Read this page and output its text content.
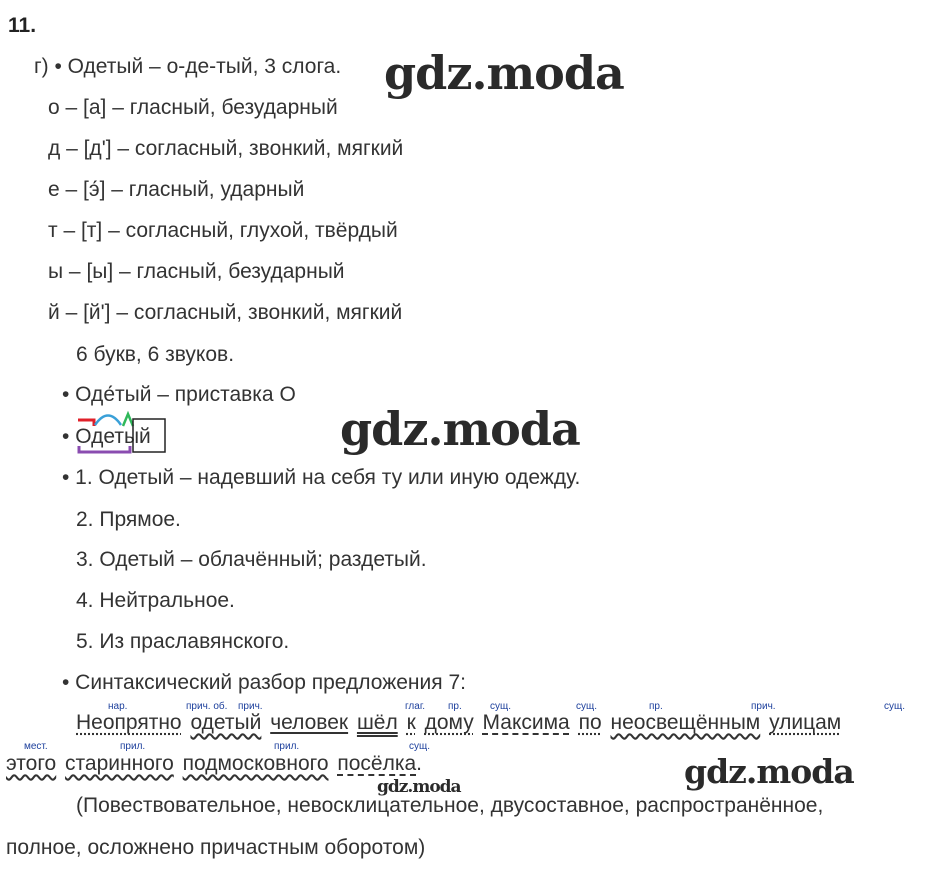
11.
г) • Одетый – о-де-тый, 3 слога.
о – [а] – гласный, безударный
д – [д'] – согласный, звонкий, мягкий
е – [э́] – гласный, ударный
т – [т] – согласный, глухой, твёрдый
ы – [ы] – гласный, безударный
й – [й'] – согласный, звонкий, мягкий
6 букв, 6 звуков.
• Оде́тый – приставка О
• Одетый
• 1. Одетый – надевший на себя ту или иную одежду.
2. Прямое.
3. Одетый – облачённый; раздетый.
4. Нейтральное.
5. Из праславянского.
• Синтаксический разбор предложения 7:
нар.	прич. об. прич.	глаг. пр.	сущ.	сущ.	пр.	прич.	сущ.
Неопрятно одетый человек шёл к дому Максима по неосвещённым улицам
мест.	прил.	прил.	сущ.
этого старинного подмосковного посёлка.
(Повествовательное, невосклицательное, двусоставное, распространённое,
полное, осложнено причастным оборотом)
gdz.moda
gdz.moda
gdz.moda
gdz.moda
